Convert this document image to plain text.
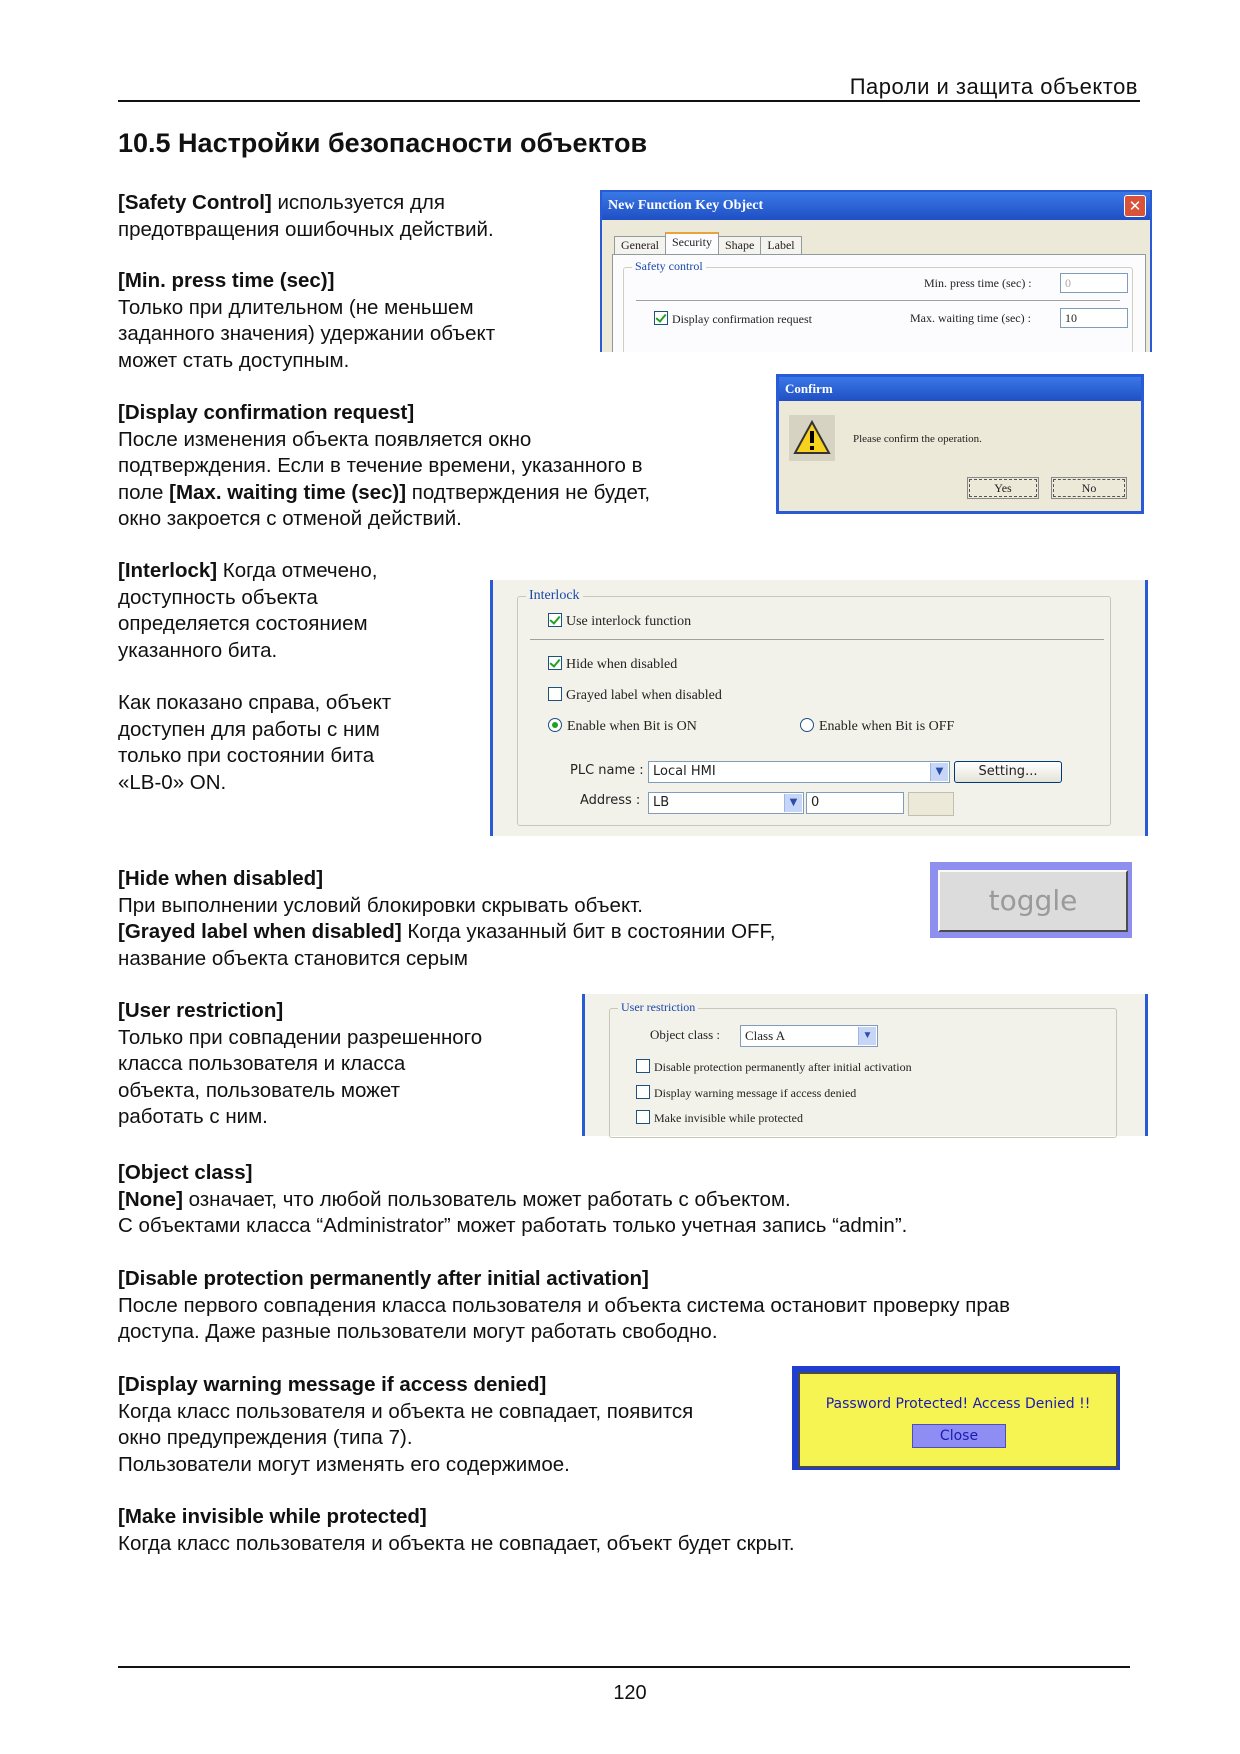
Пароли и защита объектов
10.5 Настройки безопасности объектов
[Safety Control] используется для
предотвращения ошибочных действий.
[Min. press time (sec)]
Только при длительном (не меньшем
заданного значения) удержании объект
может стать доступным.
[Display confirmation request]
После изменения объекта появляется окно
подтверждения. Если в течение времени, указанного в
поле [Max. waiting time (sec)] подтверждения не будет,
окно закроется с отменой действий.
[Interlock] Когда отмечено,
доступность объекта
определяется состоянием
указанного бита.
Как показано справа, объект
доступен для работы с ним
только при состоянии бита
«LB-0» ON.
[Hide when disabled]
При выполнении условий блокировки скрывать объект.
[Grayed label when disabled] Когда указанный бит в состоянии OFF,
название объекта становится серым
[User restriction]
Только при совпадении разрешенного
класса пользователя и класса
объекта, пользователь может
работать с ним.
[Object class]
[None] означает, что любой пользователь может работать с объектом.
С объектами класса “Administrator” может работать только учетная запись “admin”.
[Disable protection permanently after initial activation]
После первого совпадения класса пользователя и объекта система остановит проверку прав
доступа. Даже разные пользователи могут работать свободно.
[Display warning message if access denied]
Когда класс пользователя и объекта не совпадает, появится
окно предупреждения (типа 7).
Пользователи могут изменять его содержимое.
[Make invisible while protected]
Когда класс пользователя и объекта не совпадает, объект будет скрыт.
New Function Key Object	✕
General Security Shape Label
Safety control
Min. press time (sec) :	0
Display confirmation request	Max. waiting time (sec) :	10
Confirm
Please confirm the operation.
Yes	No
Interlock
Use interlock function
Hide when disabled
Grayed label when disabled
Enable when Bit is ON	Enable when Bit is OFF
PLC name : Local HMI	▼	Setting...
Address : LB	▼	0
toggle
User restriction
Object class :	Class A	▼
Disable protection permanently after initial activation
Display warning message if access denied
Make invisible while protected
Password Protected! Access Denied !!
Close
120
